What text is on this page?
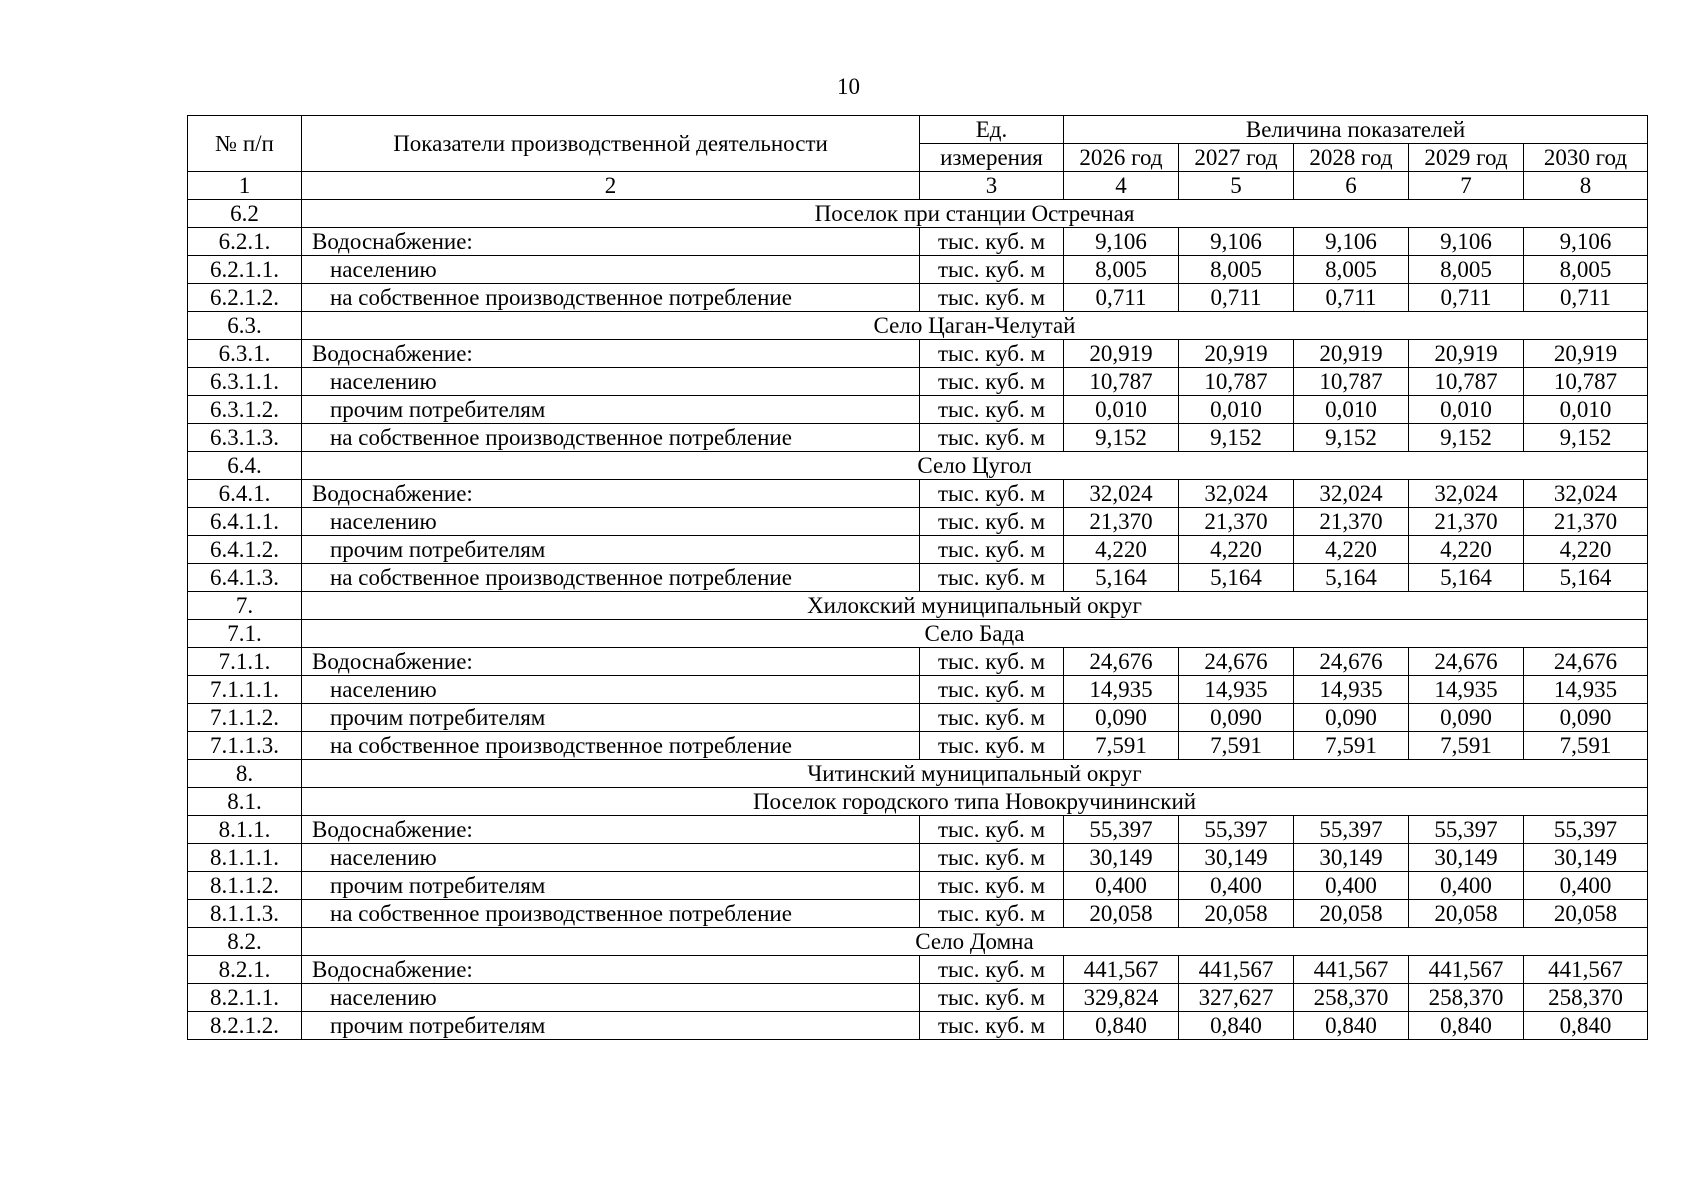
10
№ п/п	Показатели производственной деятельности	Ед.	Величина показателей				
		измерения	2026 год	2027 год	2028 год	2029 год	2030 год
1	2	3	4	5	6	7	8
6.2	Поселок при станции Остречная						
6.2.1.	Водоснабжение:	тыс. куб. м	9,106	9,106	9,106	9,106	9,106
6.2.1.1.	населению	тыс. куб. м	8,005	8,005	8,005	8,005	8,005
6.2.1.2.	на собственное производственное потребление	тыс. куб. м	0,711	0,711	0,711	0,711	0,711
6.3.	Село Цаган-Челутай						
6.3.1.	Водоснабжение:	тыс. куб. м	20,919	20,919	20,919	20,919	20,919
6.3.1.1.	населению	тыс. куб. м	10,787	10,787	10,787	10,787	10,787
6.3.1.2.	прочим потребителям	тыс. куб. м	0,010	0,010	0,010	0,010	0,010
6.3.1.3.	на собственное производственное потребление	тыс. куб. м	9,152	9,152	9,152	9,152	9,152
6.4.	Село Цугол						
6.4.1.	Водоснабжение:	тыс. куб. м	32,024	32,024	32,024	32,024	32,024
6.4.1.1.	населению	тыс. куб. м	21,370	21,370	21,370	21,370	21,370
6.4.1.2.	прочим потребителям	тыс. куб. м	4,220	4,220	4,220	4,220	4,220
6.4.1.3.	на собственное производственное потребление	тыс. куб. м	5,164	5,164	5,164	5,164	5,164
7.	Хилокский муниципальный округ						
7.1.	Село Бада						
7.1.1.	Водоснабжение:	тыс. куб. м	24,676	24,676	24,676	24,676	24,676
7.1.1.1.	населению	тыс. куб. м	14,935	14,935	14,935	14,935	14,935
7.1.1.2.	прочим потребителям	тыс. куб. м	0,090	0,090	0,090	0,090	0,090
7.1.1.3.	на собственное производственное потребление	тыс. куб. м	7,591	7,591	7,591	7,591	7,591
8.	Читинский муниципальный округ						
8.1.	Поселок городского типа Новокручининский						
8.1.1.	Водоснабжение:	тыс. куб. м	55,397	55,397	55,397	55,397	55,397
8.1.1.1.	населению	тыс. куб. м	30,149	30,149	30,149	30,149	30,149
8.1.1.2.	прочим потребителям	тыс. куб. м	0,400	0,400	0,400	0,400	0,400
8.1.1.3.	на собственное производственное потребление	тыс. куб. м	20,058	20,058	20,058	20,058	20,058
8.2.	Село Домна						
8.2.1.	Водоснабжение:	тыс. куб. м	441,567	441,567	441,567	441,567	441,567
8.2.1.1.	населению	тыс. куб. м	329,824	327,627	258,370	258,370	258,370
8.2.1.2.	прочим потребителям	тыс. куб. м	0,840	0,840	0,840	0,840	0,840
